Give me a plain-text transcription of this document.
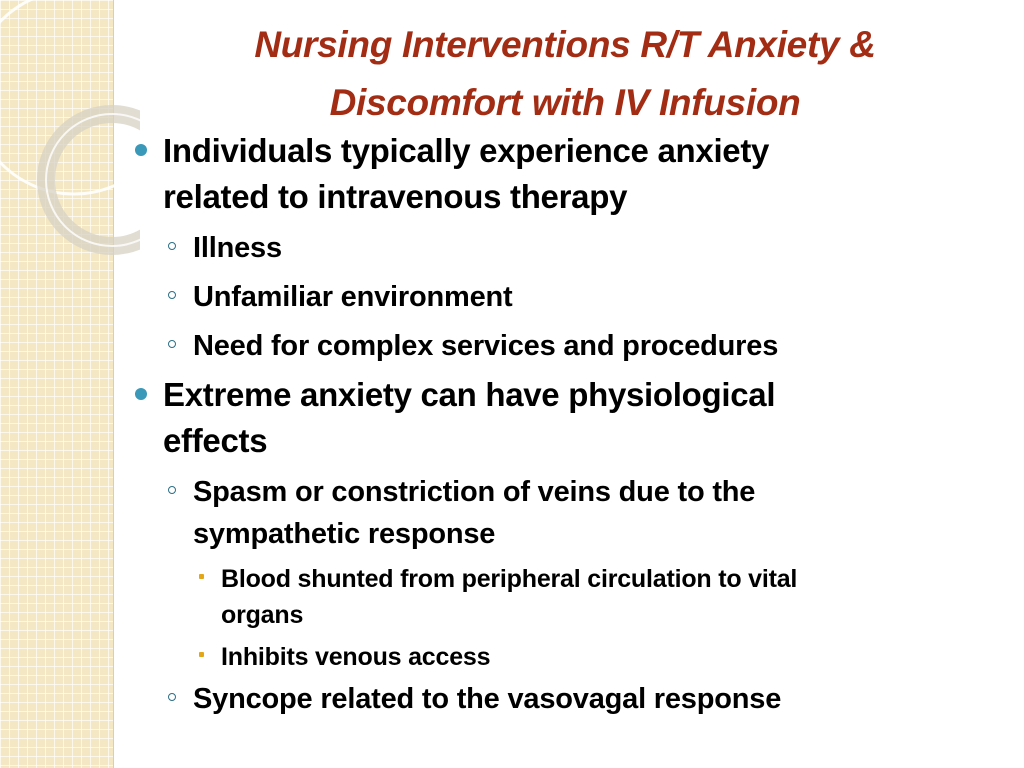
Nursing Interventions R/T Anxiety &
Discomfort with IV Infusion
Individuals typically experience anxiety
related to intravenous therapy
Illness
Unfamiliar environment
Need for complex services and procedures
Extreme anxiety can have physiological
effects
Spasm or constriction of veins due to the
sympathetic response
Blood shunted from peripheral circulation to vital
organs
Inhibits venous access
Syncope related to the vasovagal response
